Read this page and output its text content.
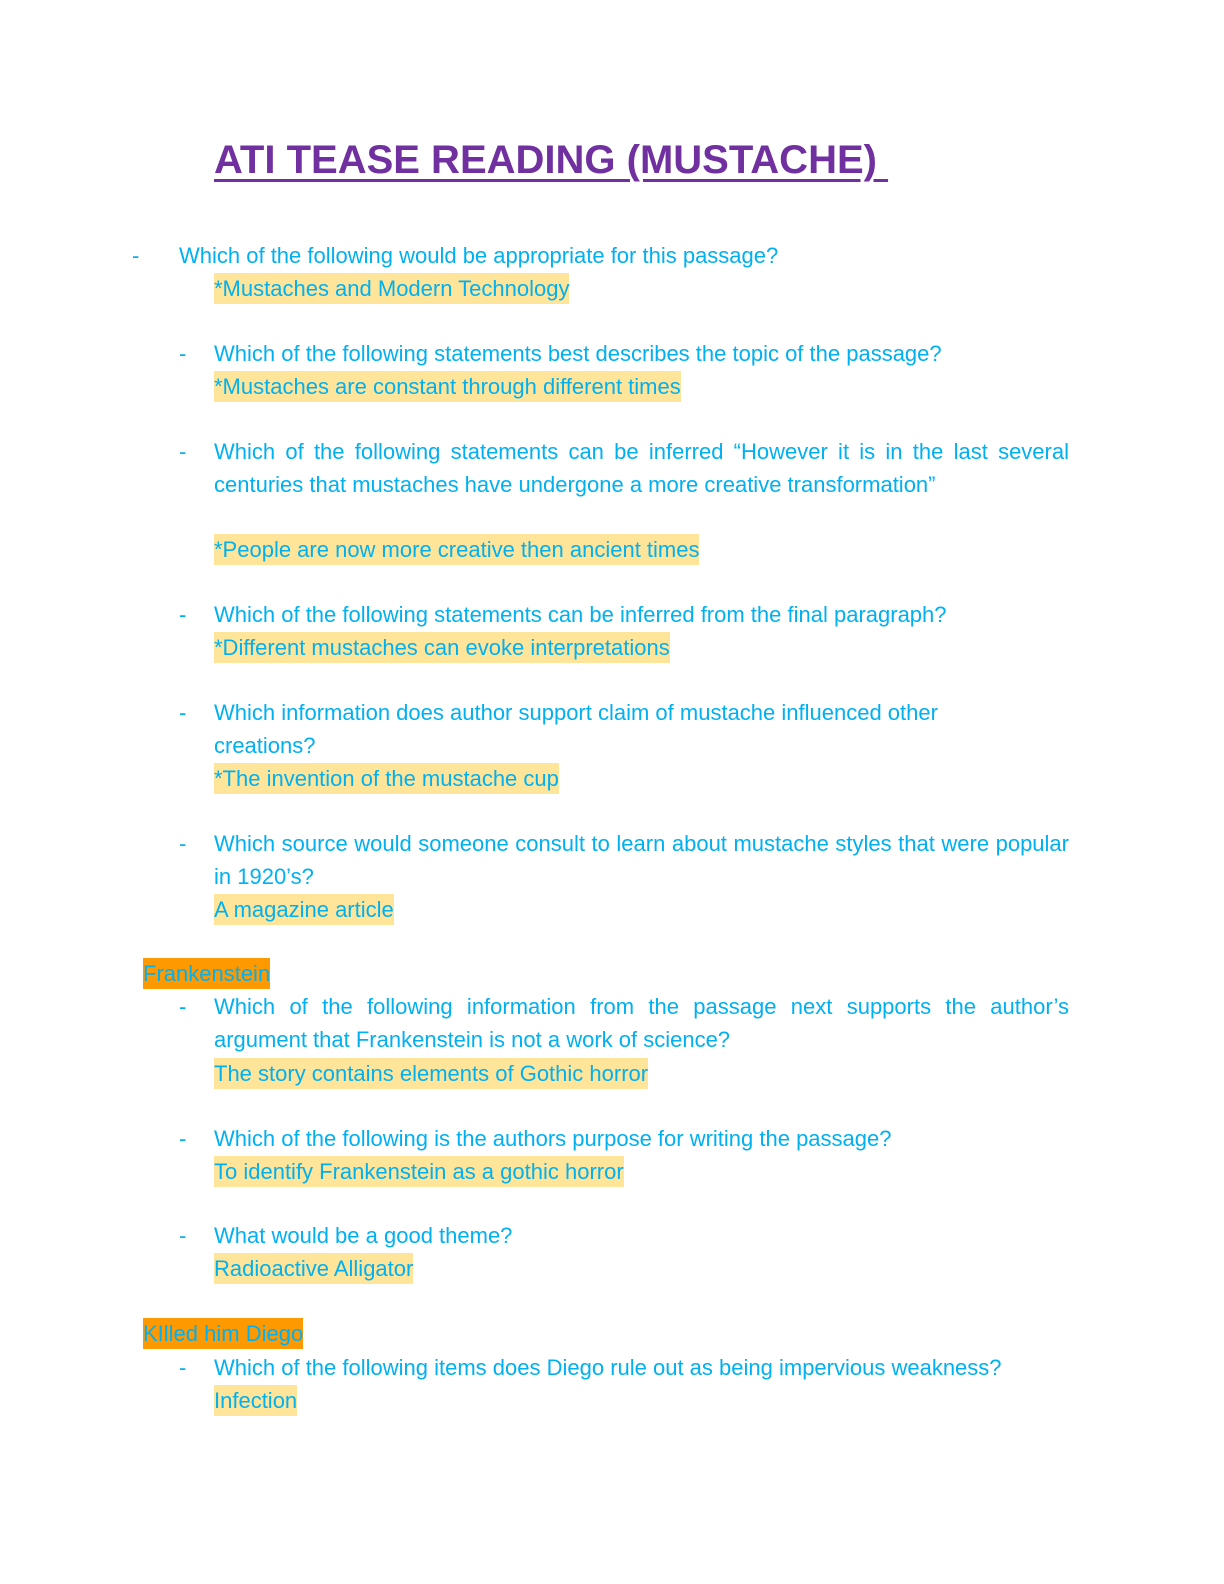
ATI TEASE READING (MUSTACHE)
- Which of the following would be appropriate for this passage?

*Mustaches and Modern Technology
- Which of the following statements best describes the topic of the passage?

*Mustaches are constant through different times
- Which of the following statements can be inferred “However it is in the last several centuries that mustaches have undergone a more creative transformation”

*People are now more creative then ancient times
- Which of the following statements can be inferred from the final paragraph?

*Different mustaches can evoke interpretations
- Which information does author support claim of mustache influenced other creations?

*The invention of the mustache cup
- Which source would someone consult to learn about mustache styles that were popular in 1920’s?

A magazine article
Frankenstein
- Which of the following information from the passage next supports the author’s argument that Frankenstein is not a work of science?

The story contains elements of Gothic horror
- Which of the following is the authors purpose for writing the passage?

To identify Frankenstein as a gothic horror
- What would be a good theme?

Radioactive Alligator
KIlled him Diego
- Which of the following items does Diego rule out as being impervious weakness?

Infection
